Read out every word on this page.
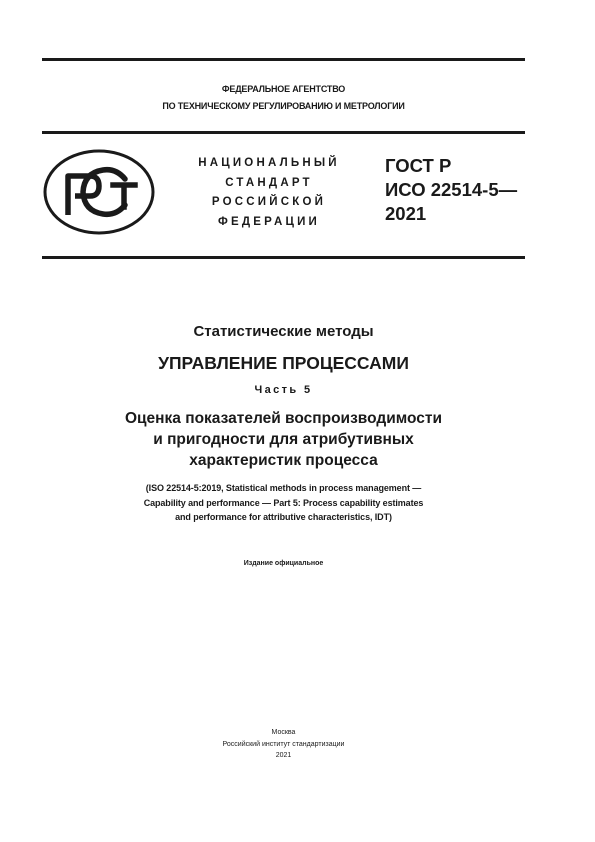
ФЕДЕРАЛЬНОЕ АГЕНТСТВО
ПО ТЕХНИЧЕСКОМУ РЕГУЛИРОВАНИЮ И МЕТРОЛОГИИ
НАЦИОНАЛЬНЫЙ
СТАНДАРТ
РОССИЙСКОЙ
ФЕДЕРАЦИИ
ГОСТ Р
ИСО 22514-5—
2021
Статистические методы
УПРАВЛЕНИЕ ПРОЦЕССАМИ
Часть 5
Оценка показателей воспроизводимости
и пригодности для атрибутивных
характеристик процесса
(ISO 22514-5:2019, Statistical methods in process management —
Capability and performance — Part 5: Process capability estimates
and performance for attributive characteristics, IDT)
Издание официальное
Москва
Российский институт стандартизации
2021
